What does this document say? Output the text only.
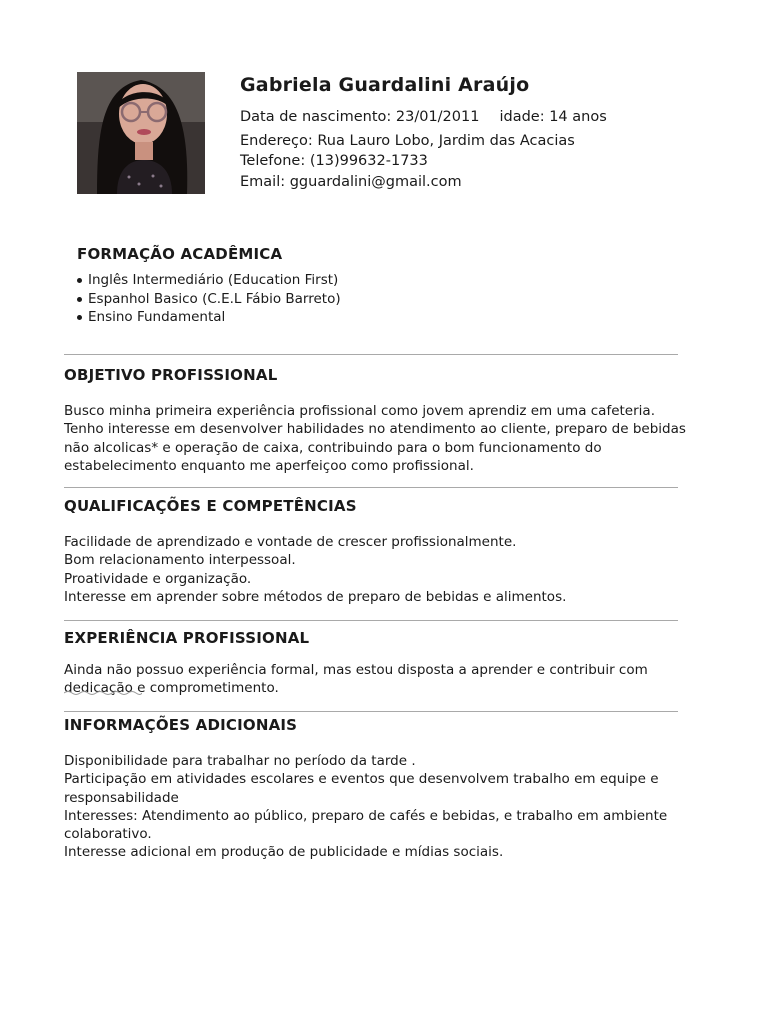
Gabriela Guardalini Araújo
Data de nascimento: 23/01/2011 idade: 14 anos
Endereço: Rua Lauro Lobo, Jardim das Acacias
Telefone: (13)99632-1733
Email: gguardalini@gmail.com
FORMAÇÃO ACADÊMICA
Inglês Intermediário (Education First)
Espanhol Basico (C.E.L Fábio Barreto)
Ensino Fundamental
OBJETIVO PROFISSIONAL

Busco minha primeira experiência profissional como jovem aprendiz em uma cafeteria.

Tenho interesse em desenvolver habilidades no atendimento ao cliente, preparo de bebidas

não alcolicas* e operação de caixa, contribuindo para o bom funcionamento do

estabelecimento enquanto me aperfeiçoo como profissional.

QUALIFICAÇÕES E COMPETÊNCIAS

Facilidade de aprendizado e vontade de crescer profissionalmente.

Bom relacionamento interpessoal.

Proatividade e organização.

Interesse em aprender sobre métodos de preparo de bebidas e alimentos.

EXPERIÊNCIA PROFISSIONAL

Ainda não possuo experiência formal, mas estou disposta a aprender e contribuir com

dedicação e comprometimento.

INFORMAÇÕES ADICIONAIS

Disponibilidade para trabalhar no período da tarde .

Participação em atividades escolares e eventos que desenvolvem trabalho em equipe e

responsabilidade

Interesses: Atendimento ao público, preparo de cafés e bebidas, e trabalho em ambiente

colaborativo.

Interesse adicional em produção de publicidade e mídias sociais.
